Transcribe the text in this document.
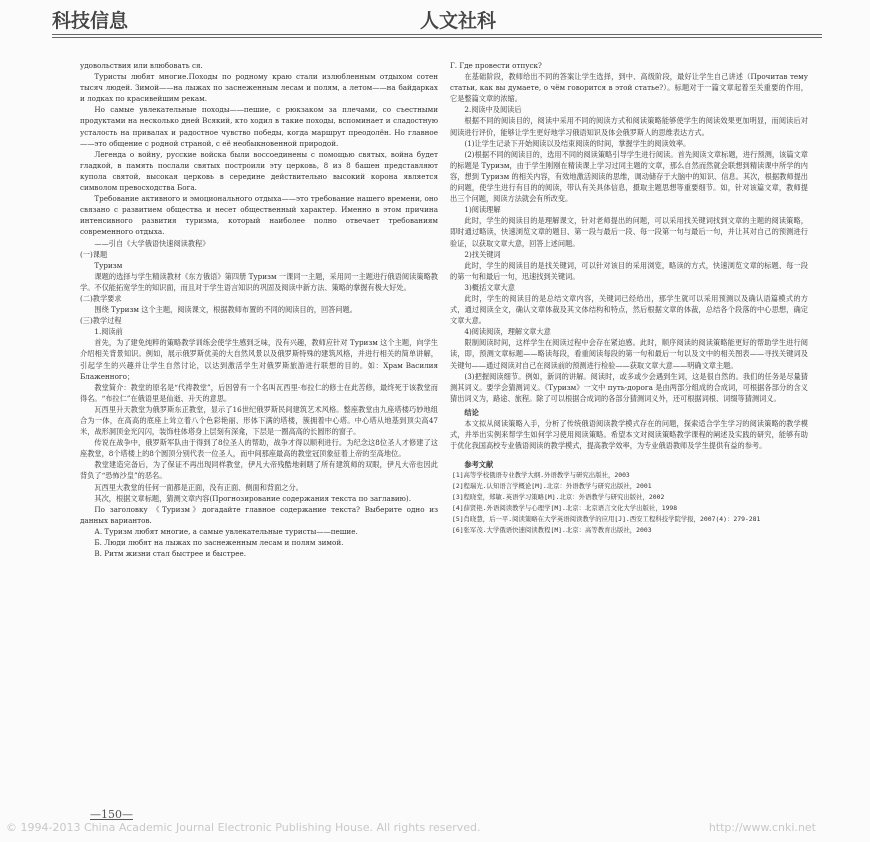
科技信息	人文社科

удовольствия или влюбовать ся.

Туристы любят многие.Походы по родному краю стали излюбленным отдыхом сотен тысяч людей. Зимой——на лыжах по заснеженным лесам и полям, а летом——на байдарках и лодках по красивейшим рекам.

Но самые увлекательные походы——пешие, с рюкзаком за плечами, со съестными продуктами на несколько дней Всякий, кто ходил в такие походы, вспоминает и сладостную усталость на привалах и радостное чувство победы, когда маршрут преодолён. Но главное——это общение с родной страной, с её необыкновенной природой.

Легенда о войну, русские войска были воссоединены с помощью святых, война будет гладкой, в память послали святых построили эту церковь, 8 из 8 башен представляют купола святой, высокая церковь в середине действительно высокий корона является символом превосходства Бога.

Требование активного и эмоционального отдыха——это требование нашего времени, оно связано с развитием общества и несет общественный характер. Именно в этом причина интенсивного развития туризма, который наиболее полно отвечает требованиям современного отдыха.

——引自《大学俄语快速阅读教程》

(一)课题

Туризм

课题的选择与学生精读教材《东方俄语》第四册 Туризм 一课同一主题，采用同一主题进行俄语阅读策略教学。不仅能拓宽学生的知识面，而且对于学生语言知识的巩固及阅读中新方法、策略的掌握有极大好处。

(二)教学要求

围绕 Туризм 这个主题，阅读课文，根据教师布置的不同的阅读目的，回答问题。

(三)教学过程

1.阅读前

首先，为了建免纯粹的策略教学训练会使学生感到乏味，没有兴趣，教师应针对 Туризм 这个主题，向学生介绍相关背景知识。例如，展示俄罗斯优美的大自然风景以及俄罗斯特殊的建筑风格，并进行相关的简单讲解，引起学生的兴趣并让学生自然讨论，以达到激活学生对俄罗斯旅游进行联想的目的。如：Храм Василия Блаженного；

教堂简介：教堂的原名是“代祷教堂”，后因曾有一个名叫瓦西里·布拉仁的修士在此苦修，最终死于该教堂而得名。“布拉仁”在俄语里是仙逝、升天的意思。

瓦西里升天教堂为俄罗斯东正教堂，显示了16世纪俄罗斯民间建筑艺术风格。整座教堂由九座塔楼巧妙地组合为一体，在高高的底座上耸立着八个色彩艳丽、形体下满的塔楼，簇拥着中心塔。中心塔从地基到顶尖高47米，战形洞顶金光闪闪，装饰柱体塔身上层刻有深龛，下层是一圈高高的长圆形的窗子。

传说在战争中，俄罗斯军队由于得到了8位圣人的帮助，战争才得以顺利进行。为纪念这8位圣人才修建了这座教堂，8个塔楼上的8个圆顶分别代表一位圣人，而中间那座最高的教堂冠顶象征着上帝的至高地位。

教堂建造完备后，为了保证不再出现同样教堂，伊凡大帝残酷地刺瞎了所有建筑师的双眼，伊凡大帝也因此背负了“恐怖沙皇”的恶名。

瓦西里大教堂的任何一面都是正面，没有正面、侧面和背面之分。

其次，根据文章标题，猜测文章内容(Прогнозирование содержания текста по заглавию).

По заголовку 《Туризм》догадайте главное содержание текста? Выберите одно из данных вариантов.

А. Туризм любят многие, а самые увлекательные туристы——пешие.

Б. Люди любят на лыжах по заснеженным лесам и полям зимой.

В. Ритм жизни стал быстрее и быстрее.

Г. Где провести отпуск?

在基础阶段，教师给出不同的答案让学生选择，到中、高级阶段，最好让学生自己讲述（Прочитав тему статьи, как вы думаете, о чём говорится в этой статье?）。标题对于一篇文章起着至关重要的作用，它是整篇文章的浓缩。

2.阅读中及阅读后

根据不同的阅读目的，阅读中采用不同的阅读方式和阅读策略能够使学生的阅读效果更加明显，而阅读后对阅读进行评价，能够让学生更好地学习俄语知识及体会俄罗斯人的思维表达方式。

(1)让学生记录下开始阅读以及结束阅读的时间，掌握学生的阅读效率。

(2)根据不同的阅读目的，选用不同的阅读策略引导学生进行阅读。首先阅读文章标题，进行预测，该篇文章的标题是 Туризм，由于学生刚刚在精读课上学习过同主题的文章，那么自然而然就会联想到精读课中所学的内容，想到 Туризм 的相关内容，有效地激活阅读的思维，调动储存于大脑中的知识、信息。其次，根据教师提出的问题，使学生进行有目的的阅读，带认有关具体信息，摄取主题思想等重要细节。如，针对该篇文章，教师提出三个问题，阅读方法就会有所改变。

1)阅读理解

此时，学生的阅读目的是理解课文，针对老师提出的问题，可以采用找关键词找到文章的主题的阅读策略，即时通过略读，快速浏览文章的题目、第一段与最后一段、每一段第一句与最后一句，并让其对自己的预测进行验证，以获取文章大意，回答上述问题。

2)找关键词

此时，学生的阅读目的是找关键词，可以针对该目的采用浏览，略读的方式，快速浏览文章的标题、每一段的第一句和最后一句，迅速找到关键词。

3)概括文章大意

此时，学生的阅读目的是总结文章内容，关键词已经给出，那学生就可以采用预测以及确认语篇模式的方式，通过阅读全文，确认文章体裁及其文体结构和特点，然后根据文章的体裁，总结各个段落的中心思想，确定文章大意。

4)阅读阅读，理解文章大意

限制阅读时间，这样学生在阅读过程中会存在紧迫感。此时，顺序阅读的阅读策略能更好的帮助学生进行阅读，即，预测文章标题——略读每段，看重阅读每段的第一句和最后一句以及文中的相关图表——寻找关键词及关键句——通过阅读对自己在阅读前的预测进行检验——获取文章大意——明确文章主题。

(3)把握阅读细节。例如，新词的讲解。阅读时，或多或少会遇到生词，这是很自然的。我们的任务是尽量猜测其词义。要学会猜测词义。《Туризм》一文中 путь-дорога 是由两部分组成的合成词，可根据各部分的含义猜出词义为，路途、旅程。除了可以根据合成词的各部分猜测词义外，还可根据词根、词缀等猜测词义。

结论

本文拟从阅读策略入手，分析了传统俄语阅读教学模式存在的问题，探索适合学生学习的阅读策略的教学模式，并举出实例来帮学生如何学习使用阅读策略。希望本文对阅读策略教学课程的阐述及实践的研究，能够有助于优化我国高校专业俄语阅读的教学模式，提高教学效率，为专业俄语教师及学生提供有益的参考。

参考文献

[1]高等学校俄语专业教学大纲.外语教学与研究出版社，2003

[2]程瑞光.认知语言学概论[M].北京：外语教学与研究出版社，2001

[3]程晓堂，郑敏.英语学习策略[M].北京：外语教学与研究出版社，2002

[4]薛贤艳.外语阅读教学与心理学[M].北京：北京语言文化大学出版社，1998

[5]肖晓慧，后一平.阅读策略在大学英语阅读教学的应用[J].西安工程科技学院学报，2007(4)：279-281

[6]张军茂.大学俄语快速阅读教程[M].北京：高等教育出版社，2003

—150—
© 1994-2013 China Academic Journal Electronic Publishing House. All rights reserved.	http://www.cnki.net
